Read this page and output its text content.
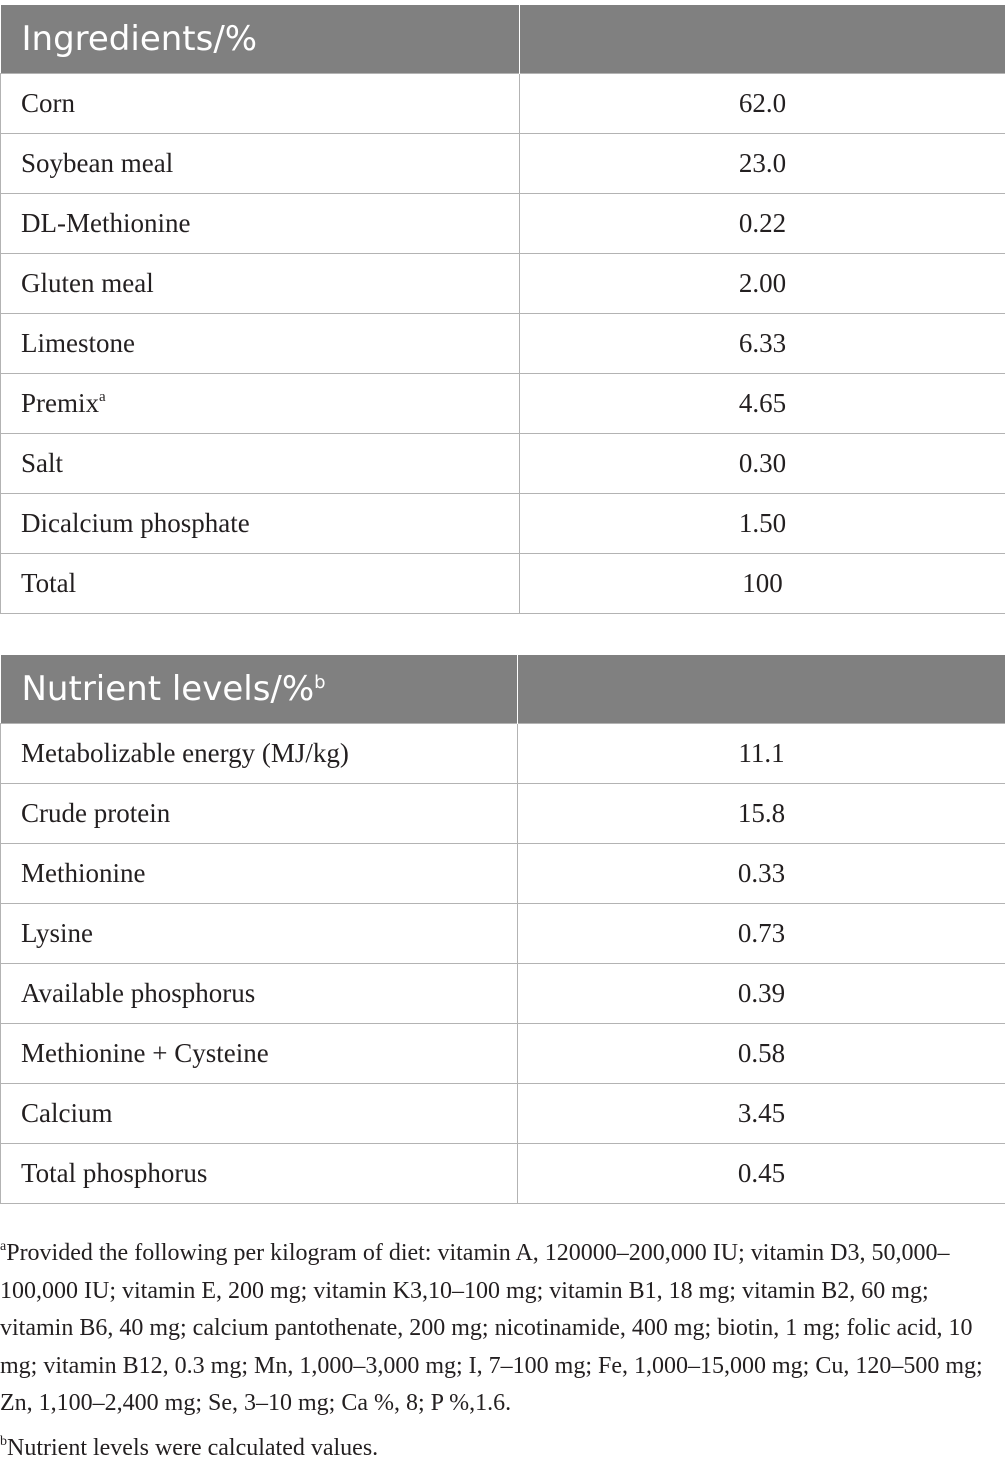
Ingredients/%	
Corn	62.0
Soybean meal	23.0
DL-Methionine	0.22
Gluten meal	2.00
Limestone	6.33
Premix$^a$	4.65
Salt	0.30
Dicalcium phosphate	1.50
Total	100
Nutrient levels/%$^b$	
Metabolizable energy (MJ/kg)	11.1
Crude protein	15.8
Methionine	0.33
Lysine	0.73
Available phosphorus	0.39
Methionine + Cysteine	0.58
Calcium	3.45
Total phosphorus	0.45

$^a$Provided the following per kilogram of diet: vitamin A, 120000–200,000 IU; vitamin D3, 50,000–100,000 IU; vitamin E, 200 mg; vitamin K3,10–100 mg; vitamin B1, 18 mg; vitamin B2, 60 mg; vitamin B6, 40 mg; calcium pantothenate, 200 mg; nicotinamide, 400 mg; biotin, 1 mg; folic acid, 10 mg; vitamin B12, 0.3 mg; Mn, 1,000–3,000 mg; I, 7–100 mg; Fe, 1,000–15,000 mg; Cu, 120–500 mg; Zn, 1,100–2,400 mg; Se, 3–10 mg; Ca %, 8; P %,1.6.

$^b$Nutrient levels were calculated values.
